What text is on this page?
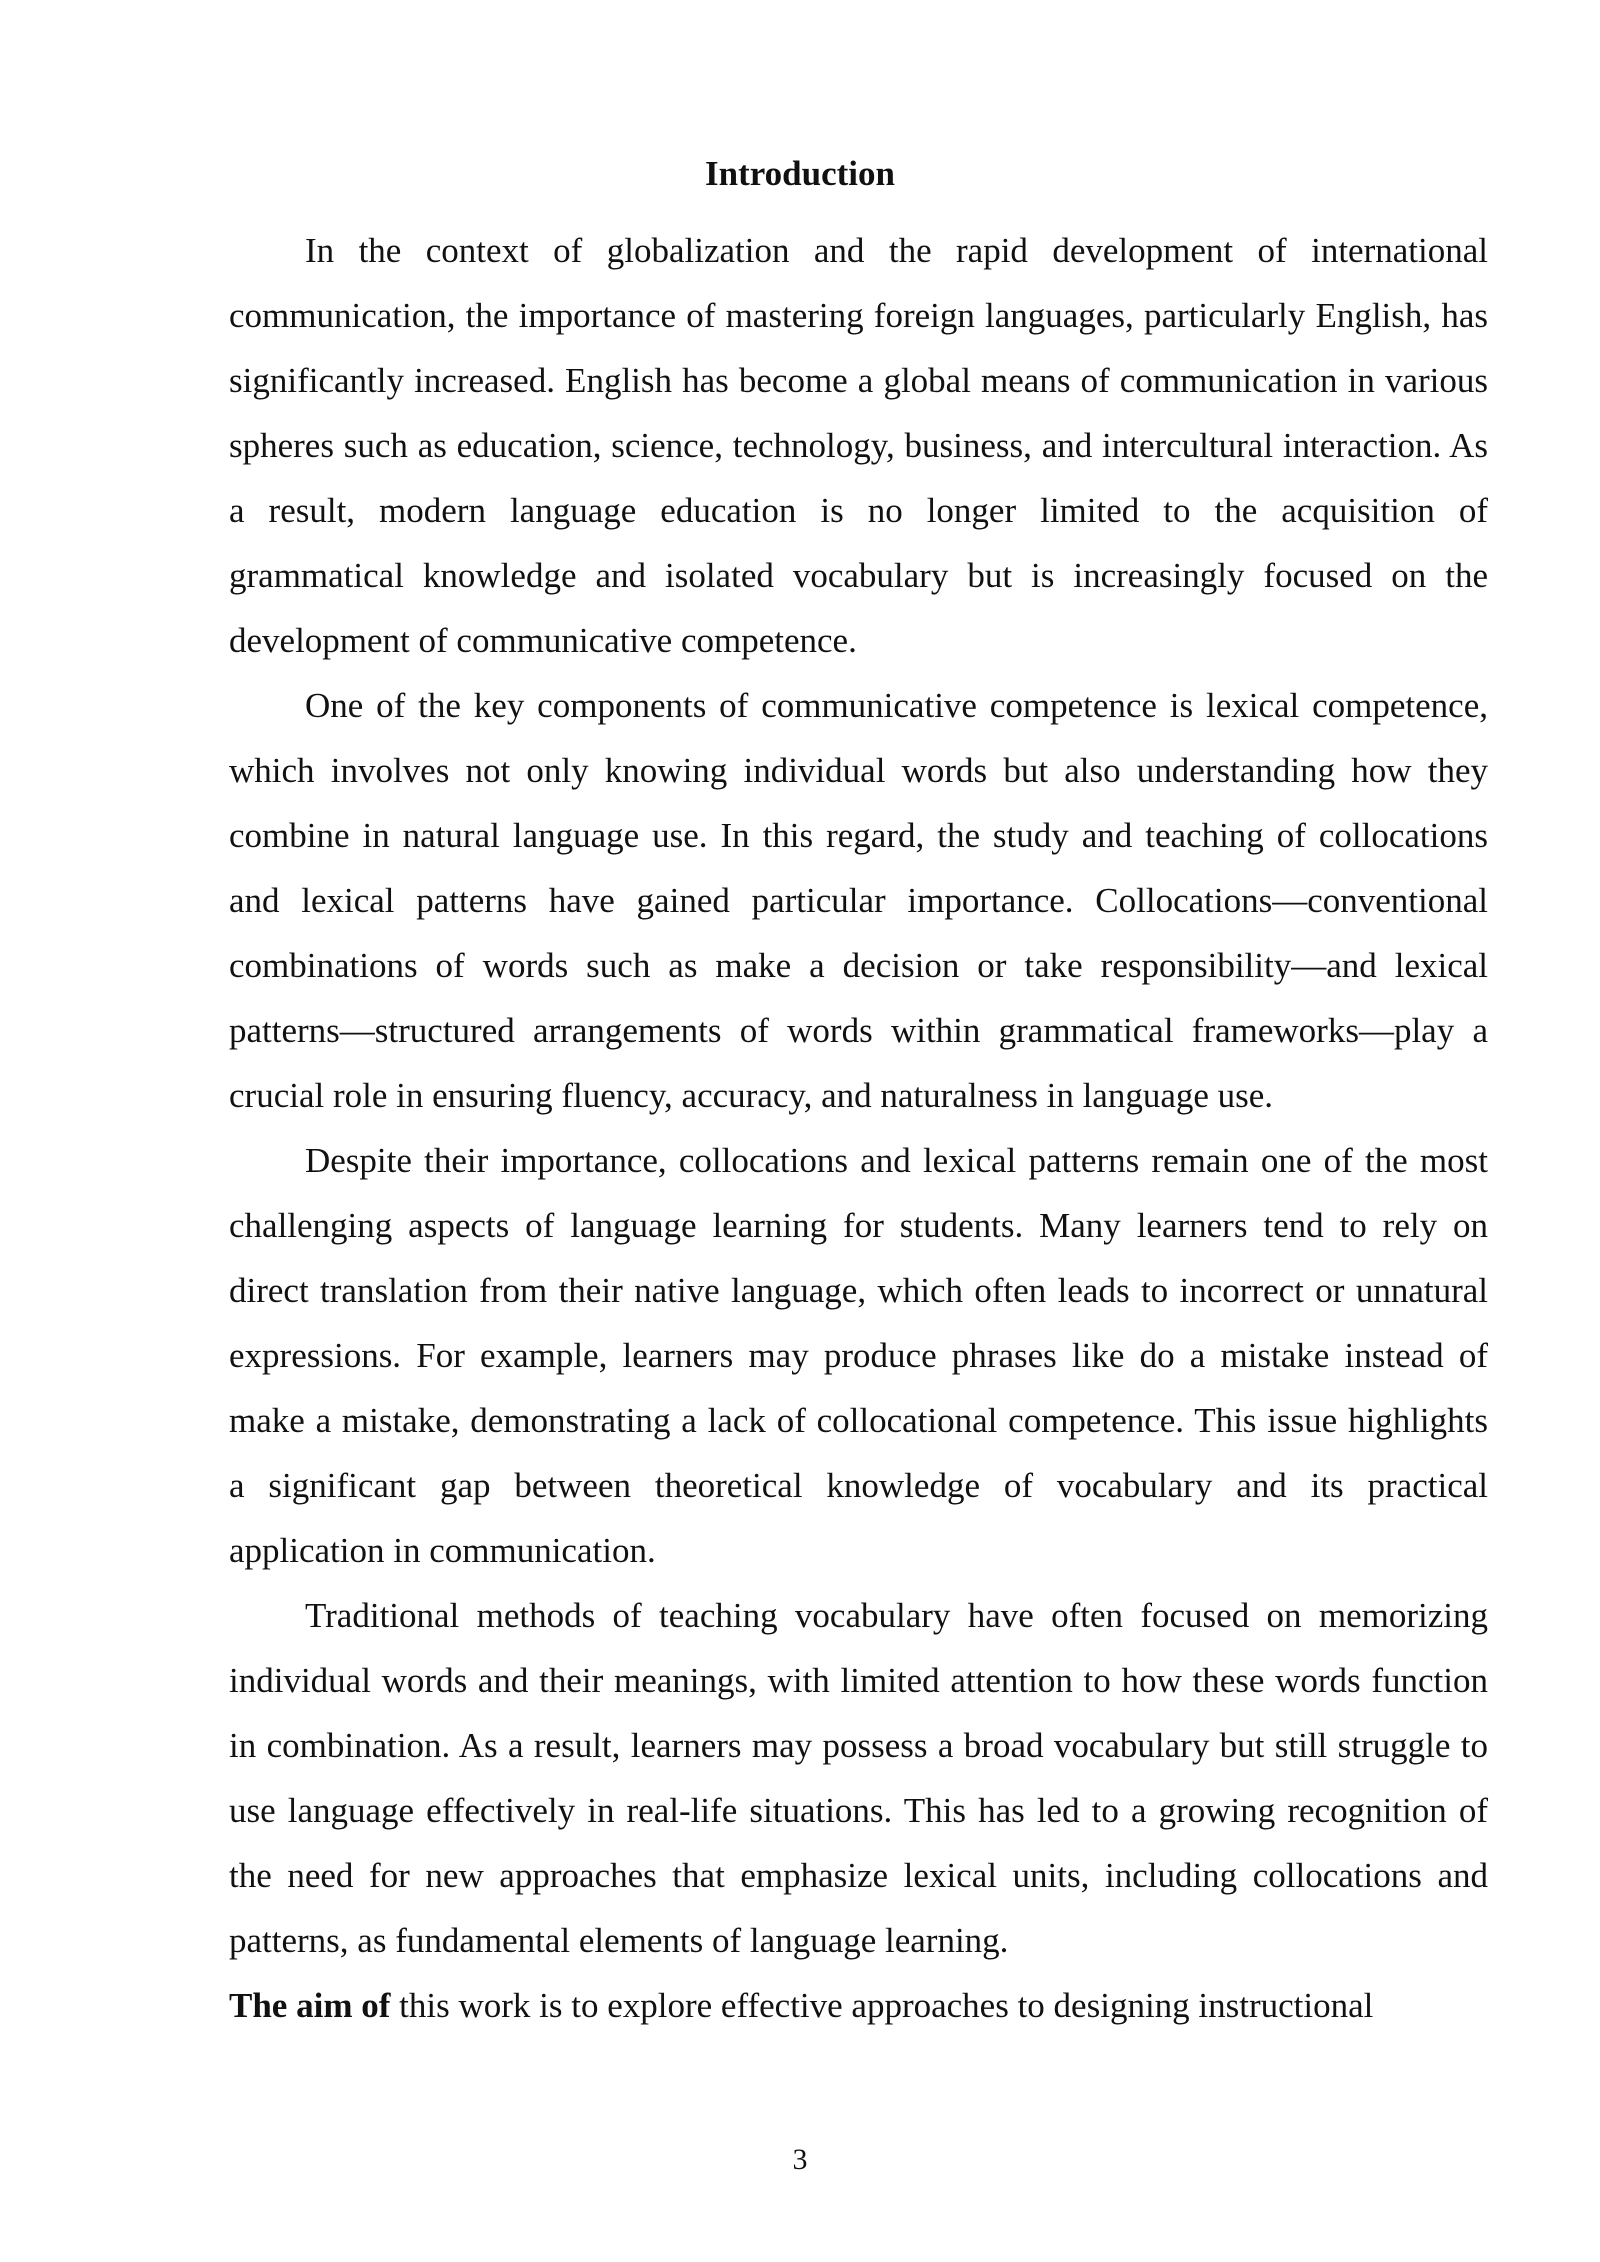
Introduction

In the context of globalization and the rapid development of international communication, the importance of mastering foreign languages, particularly English, has significantly increased. English has become a global means of communication in various spheres such as education, science, technology, business, and intercultural interaction. As a result, modern language education is no longer limited to the acquisition of grammatical knowledge and isolated vocabulary but is increasingly focused on the development of communicative competence.

One of the key components of communicative competence is lexical competence, which involves not only knowing individual words but also understanding how they combine in natural language use. In this regard, the study and teaching of collocations and lexical patterns have gained particular importance. Collocations—conventional combinations of words such as make a decision or take responsibility—and lexical patterns—structured arrangements of words within grammatical frameworks—play a crucial role in ensuring fluency, accuracy, and naturalness in language use.

Despite their importance, collocations and lexical patterns remain one of the most challenging aspects of language learning for students. Many learners tend to rely on direct translation from their native language, which often leads to incorrect or unnatural expressions. For example, learners may produce phrases like do a mistake instead of make a mistake, demonstrating a lack of collocational competence. This issue highlights a significant gap between theoretical knowledge of vocabulary and its practical application in communication.

Traditional methods of teaching vocabulary have often focused on memorizing individual words and their meanings, with limited attention to how these words function in combination. As a result, learners may possess a broad vocabulary but still struggle to use language effectively in real-life situations. This has led to a growing recognition of the need for new approaches that emphasize lexical units, including collocations and patterns, as fundamental elements of language learning.

The aim of this work is to explore effective approaches to designing instructional

3
